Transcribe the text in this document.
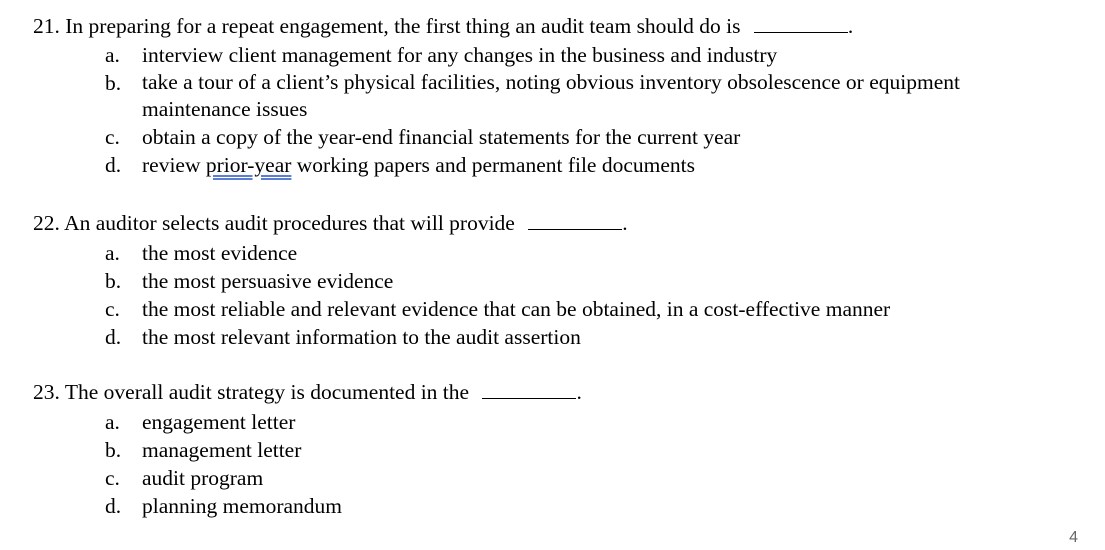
21. In preparing for a repeat engagement, the first thing an audit team should do is	.
a. interview client management for any changes in the business and industry
b. take a tour of a client’s physical facilities, noting obvious inventory obsolescence or equipment maintenance issues
c. obtain a copy of the year-end financial statements for the current year
d. review prior-year working papers and permanent file documents
22. An auditor selects audit procedures that will provide	.
a. the most evidence
b. the most persuasive evidence
c. the most reliable and relevant evidence that can be obtained, in a cost-effective manner
d. the most relevant information to the audit assertion
23. The overall audit strategy is documented in the	.
a. engagement letter
b. management letter
c. audit program
d. planning memorandum
4
